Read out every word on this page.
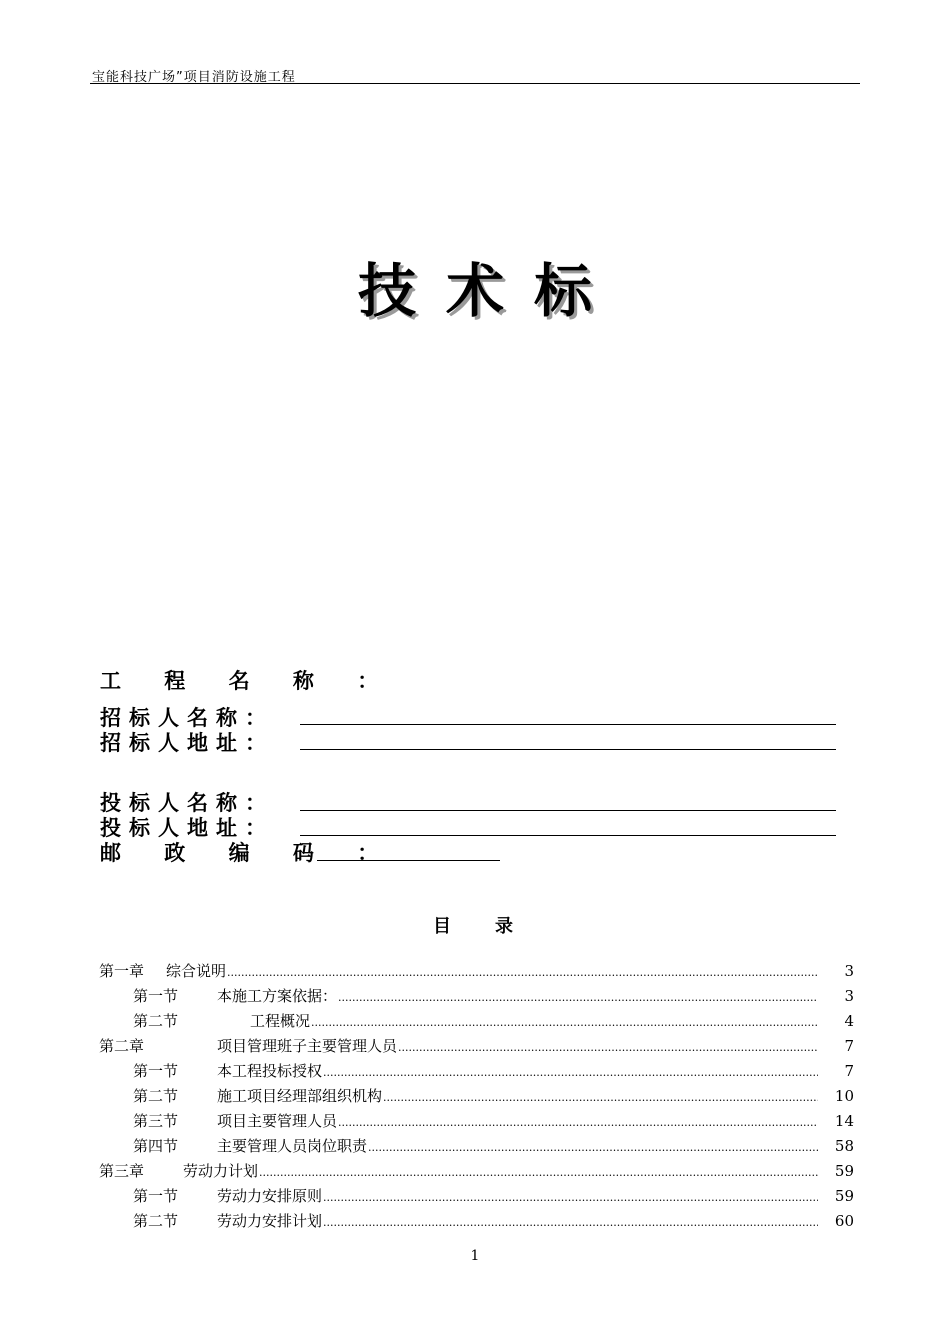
宝能科技广场”项目消防设施工程
技术标
工 程 名 称 ：
招标人名称：
招标人地址：
投标人名称：
投标人地址：
邮 政 编 码 ：
目录
第一章 综合说明 .....	3
第一节	本施工方案依据： .....	3
第二节	工程概况 .....	4
第二章	项目管理班子主要管理人员 .....	7
第一节	本工程投标授权 .....	7
第二节	施工项目经理部组织机构 .....	10
第三节	项目主要管理人员 .....	14
第四节	主要管理人员岗位职责 .....	58
第三章	劳动力计划 .....	59
第一节	劳动力安排原则 .....	59
第二节	劳动力安排计划 .....	60
1
